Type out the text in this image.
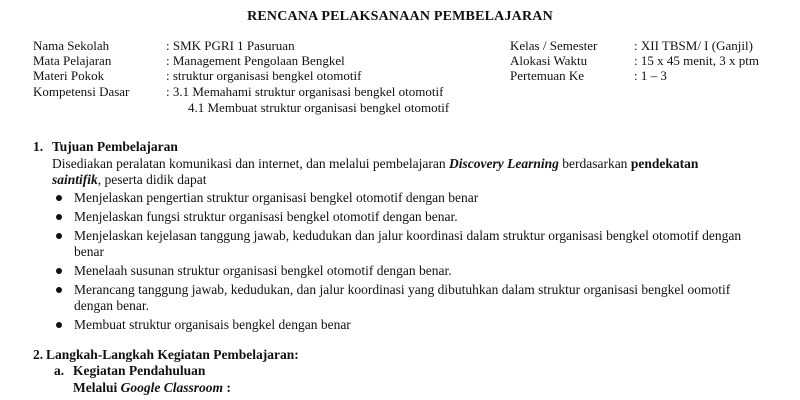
RENCANA PELAKSANAAN PEMBELAJARAN
Nama Sekolah	: SMK PGRI 1 Pasuruan
Mata Pelajaran	: Management Pengolaan Bengkel
Materi Pokok	: struktur organisasi bengkel otomotif
Kompetensi Dasar	: 3.1 Memahami struktur organisasi bengkel otomotif
4.1 Membuat struktur organisasi bengkel otomotif
Kelas / Semester	: XII TBSM/ I (Ganjil)
Alokasi Waktu	: 15 x 45 menit, 3 x ptm
Pertemuan Ke	: 1 – 3
1. Tujuan Pembelajaran
Disediakan peralatan komunikasi dan internet, dan melalui pembelajaran Discovery Learning berdasarkan pendekatan
saintifik, peserta didik dapat
Menjelaskan pengertian struktur organisasi bengkel otomotif dengan benar
Menjelaskan fungsi struktur organisasi bengkel otomotif dengan benar.
Menjelaskan kejelasan tanggung jawab, kedudukan dan jalur koordinasi dalam struktur organisasi bengkel otomotif dengan benar
Menelaah susunan struktur organisasi bengkel otomotif dengan benar.
Merancang tanggung jawab, kedudukan, dan jalur koordinasi yang dibutuhkan dalam struktur organisasi bengkel oomotif dengan benar.
Membuat struktur organisais bengkel dengan benar
2. Langkah-Langkah Kegiatan Pembelajaran:
a. Kegiatan Pendahuluan
Melalui Google Classroom :
